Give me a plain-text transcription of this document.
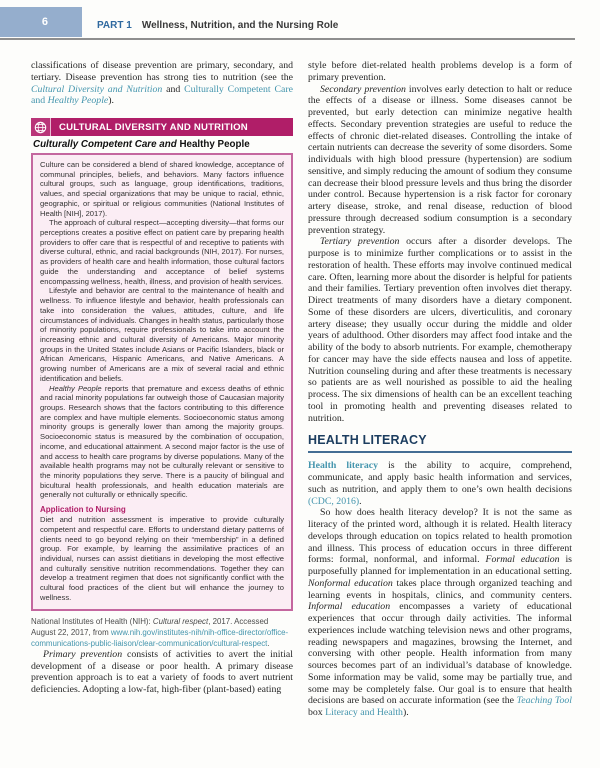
6	PART 1 Wellness, Nutrition, and the Nursing Role

classifications of disease prevention are primary, secondary, and tertiary. Disease prevention has strong ties to nutrition (see the Cultural Diversity and Nutrition and Culturally Competent Care and Healthy People).

CULTURAL DIVERSITY AND NUTRITION
Culturally Competent Care and Healthy People

Culture can be considered a blend of shared knowledge, acceptance of communal principles, beliefs, and behaviors. Many factors influence cultural groups, such as language, group identifications, traditions, values, and special organizations that may be unique to racial, ethnic, geographic, or spiritual or religious communities (National Institutes of Health [NIH], 2017).

The approach of cultural respect—accepting diversity—that forms our perceptions creates a positive effect on patient care by preparing health providers to offer care that is respectful of and receptive to patients with diverse cultural, ethnic, and racial backgrounds (NIH, 2017). For nurses, as providers of health care and health information, those cultural factors guide the understanding and acceptance of belief systems encompassing wellness, health, illness, and provision of health services.

Lifestyle and behavior are central to the maintenance of health and wellness. To influence lifestyle and behavior, health professionals can take into consideration the values, attitudes, culture, and life circumstances of individuals. Changes in health status, particularly those of minority populations, require professionals to take into account the increasing ethnic and cultural diversity of Americans. Major minority groups in the United States include Asians or Pacific Islanders, black or African Americans, Hispanic Americans, and Native Americans. A growing number of Americans are a mix of several racial and ethnic identification and beliefs.

Healthy People reports that premature and excess deaths of ethnic and racial minority populations far outweigh those of Caucasian majority groups. Research shows that the factors contributing to this difference are complex and have multiple elements. Socioeconomic status among minority groups is generally lower than among the majority groups. Socioeconomic status is measured by the combination of occupation, income, and educational attainment. A second major factor is the use of and access to health care programs by diverse populations. Many of the available health programs may not be culturally relevant or sensitive to the minority populations they serve. There is a paucity of bilingual and bicultural health professionals, and health education materials are generally not culturally or ethnically specific.

Application to Nursing

Diet and nutrition assessment is imperative to provide culturally competent and respectful care. Efforts to understand dietary patterns of clients need to go beyond relying on their “membership” in a defined group. For example, by learning the assimilative practices of an individual, nurses can assist dietitians in developing the most effective and culturally sensitive nutrition recommendations. Together they can develop a treatment regimen that does not significantly conflict with the cultural food practices of the client but will enhance the journey to wellness.

National Institutes of Health (NIH): Cultural respect, 2017. Accessed August 22, 2017, from www.nih.gov/institutes-nih/nih-office-director/office-communications-public-liaison/clear-communication/cultural-respect.

Primary prevention consists of activities to avert the initial development of a disease or poor health. A primary disease prevention approach is to eat a variety of foods to avert nutrient deficiencies. Adopting a low-fat, high-fiber (plant-based) eating

style before diet-related health problems develop is a form of primary prevention.

Secondary prevention involves early detection to halt or reduce the effects of a disease or illness. Some diseases cannot be prevented, but early detection can minimize negative health effects. Secondary prevention strategies are useful to reduce the effects of chronic diet-related diseases. Controlling the intake of certain nutrients can decrease the severity of some disorders. Some individuals with high blood pressure (hypertension) are sodium sensitive, and simply reducing the amount of sodium they consume can decrease their blood pressure levels and thus bring the disorder under control. Because hypertension is a risk factor for coronary artery disease, stroke, and renal disease, reduction of blood pressure through decreased sodium consumption is a secondary prevention strategy.

Tertiary prevention occurs after a disorder develops. The purpose is to minimize further complications or to assist in the restoration of health. These efforts may involve continued medical care. Often, learning more about the disorder is helpful for patients and their families. Tertiary prevention often involves diet therapy. Direct treatments of many disorders have a dietary component. Some of these disorders are ulcers, diverticulitis, and coronary artery disease; they usually occur during the middle and older years of adulthood. Other disorders may affect food intake and the ability of the body to absorb nutrients. For example, chemotherapy for cancer may have the side effects nausea and loss of appetite. Nutrition counseling during and after these treatments is necessary so patients are as well nourished as possible to aid the healing process. The six dimensions of health can be an excellent teaching tool in promoting health and preventing diseases related to nutrition.

HEALTH LITERACY

Health literacy is the ability to acquire, comprehend, communicate, and apply basic health information and services, such as nutrition, and apply them to one’s own health decisions (CDC, 2016).

So how does health literacy develop? It is not the same as literacy of the printed word, although it is related. Health literacy develops through education on topics related to health promotion and illness. This process of education occurs in three different forms: formal, nonformal, and informal. Formal education is purposefully planned for implementation in an educational setting. Nonformal education takes place through organized teaching and learning events in hospitals, clinics, and community centers. Informal education encompasses a variety of educational experiences that occur through daily activities. The informal experiences include watching television news and other programs, reading newspapers and magazines, browsing the Internet, and conversing with other people. Health information from many sources becomes part of an individual’s database of knowledge. Some information may be valid, some may be partially true, and some may be completely false. Our goal is to ensure that health decisions are based on accurate information (see the Teaching Tool box Literacy and Health).
